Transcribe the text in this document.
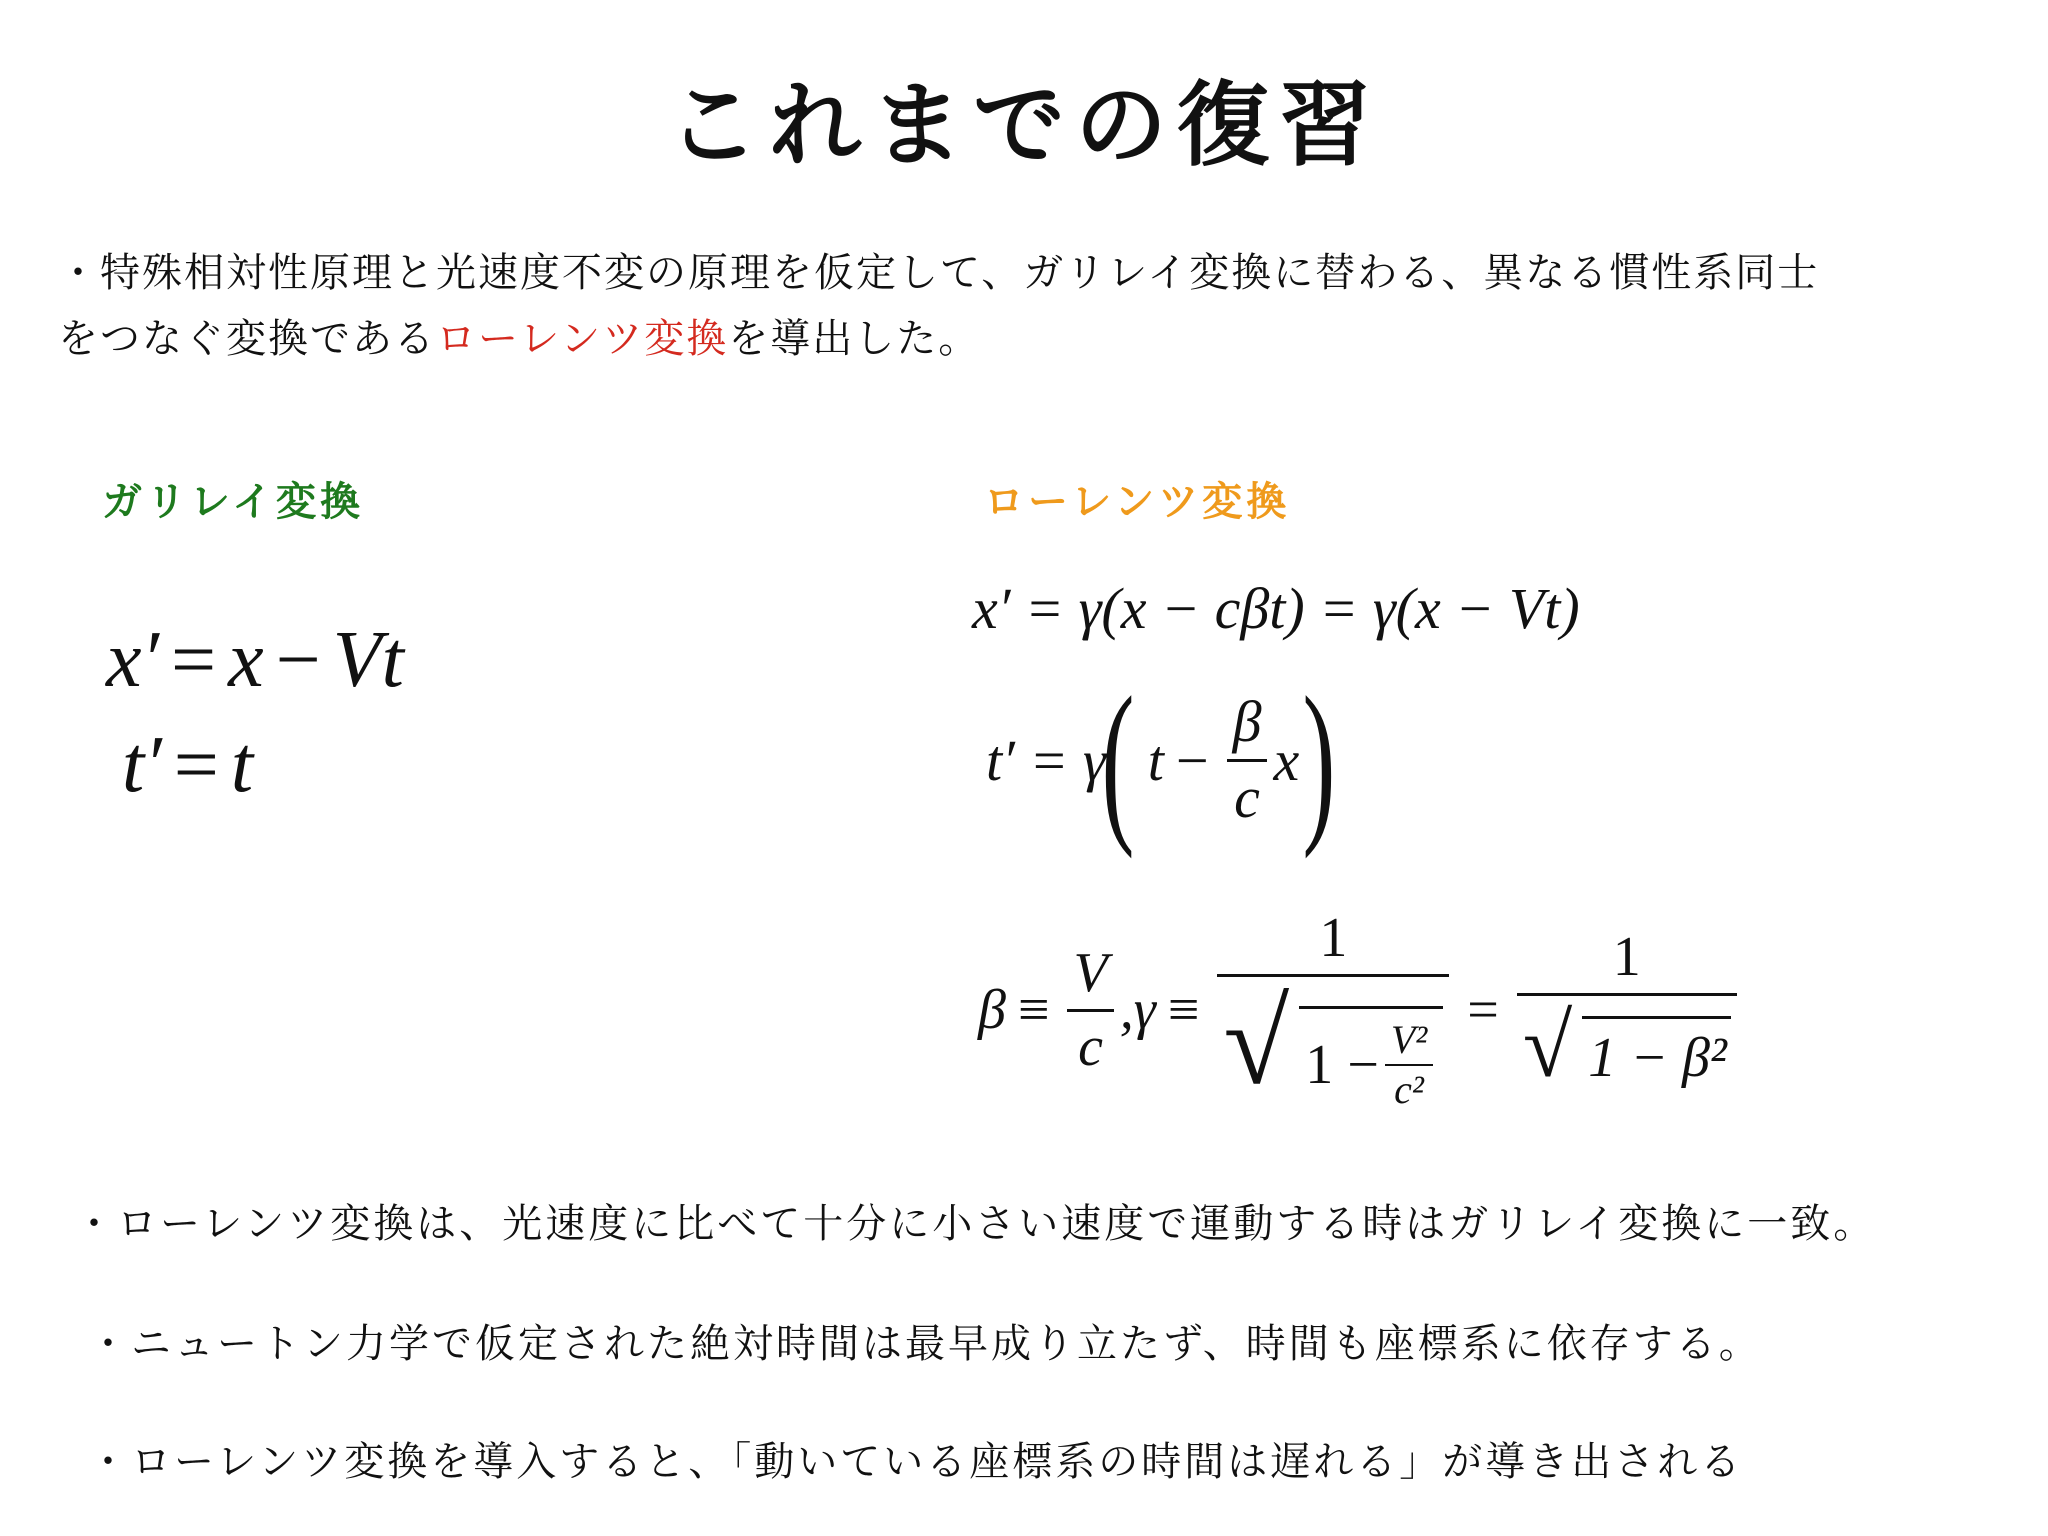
これまでの復習
・特殊相対性原理と光速度不変の原理を仮定して、ガリレイ変換に替わる、異なる慣性系同士
をつなぐ変換であるローレンツ変換を導出した。
ガリレイ変換	ローレンツ変換
x′ = x − Vt
t′ = t
x′ = γ(x − cβt) = γ(x − Vt)
t′ = γ
( $t - \frac{\beta}{c}$ x )
$\beta \equiv \frac{V}{c} ,\gamma$ ≡
1
√ $1 - \frac{\text{V²}}{\text{c²}}$
= $\frac{1}{\text{√ 1 − β²}}$
・ローレンツ変換は、光速度に比べて十分に小さい速度で運動する時はガリレイ変換に一致。
・ニュートン力学で仮定された絶対時間は最早成り立たず、時間も座標系に依存する。
・ローレンツ変換を導入すると、「動いている座標系の時間は遅れる」が導き出される
